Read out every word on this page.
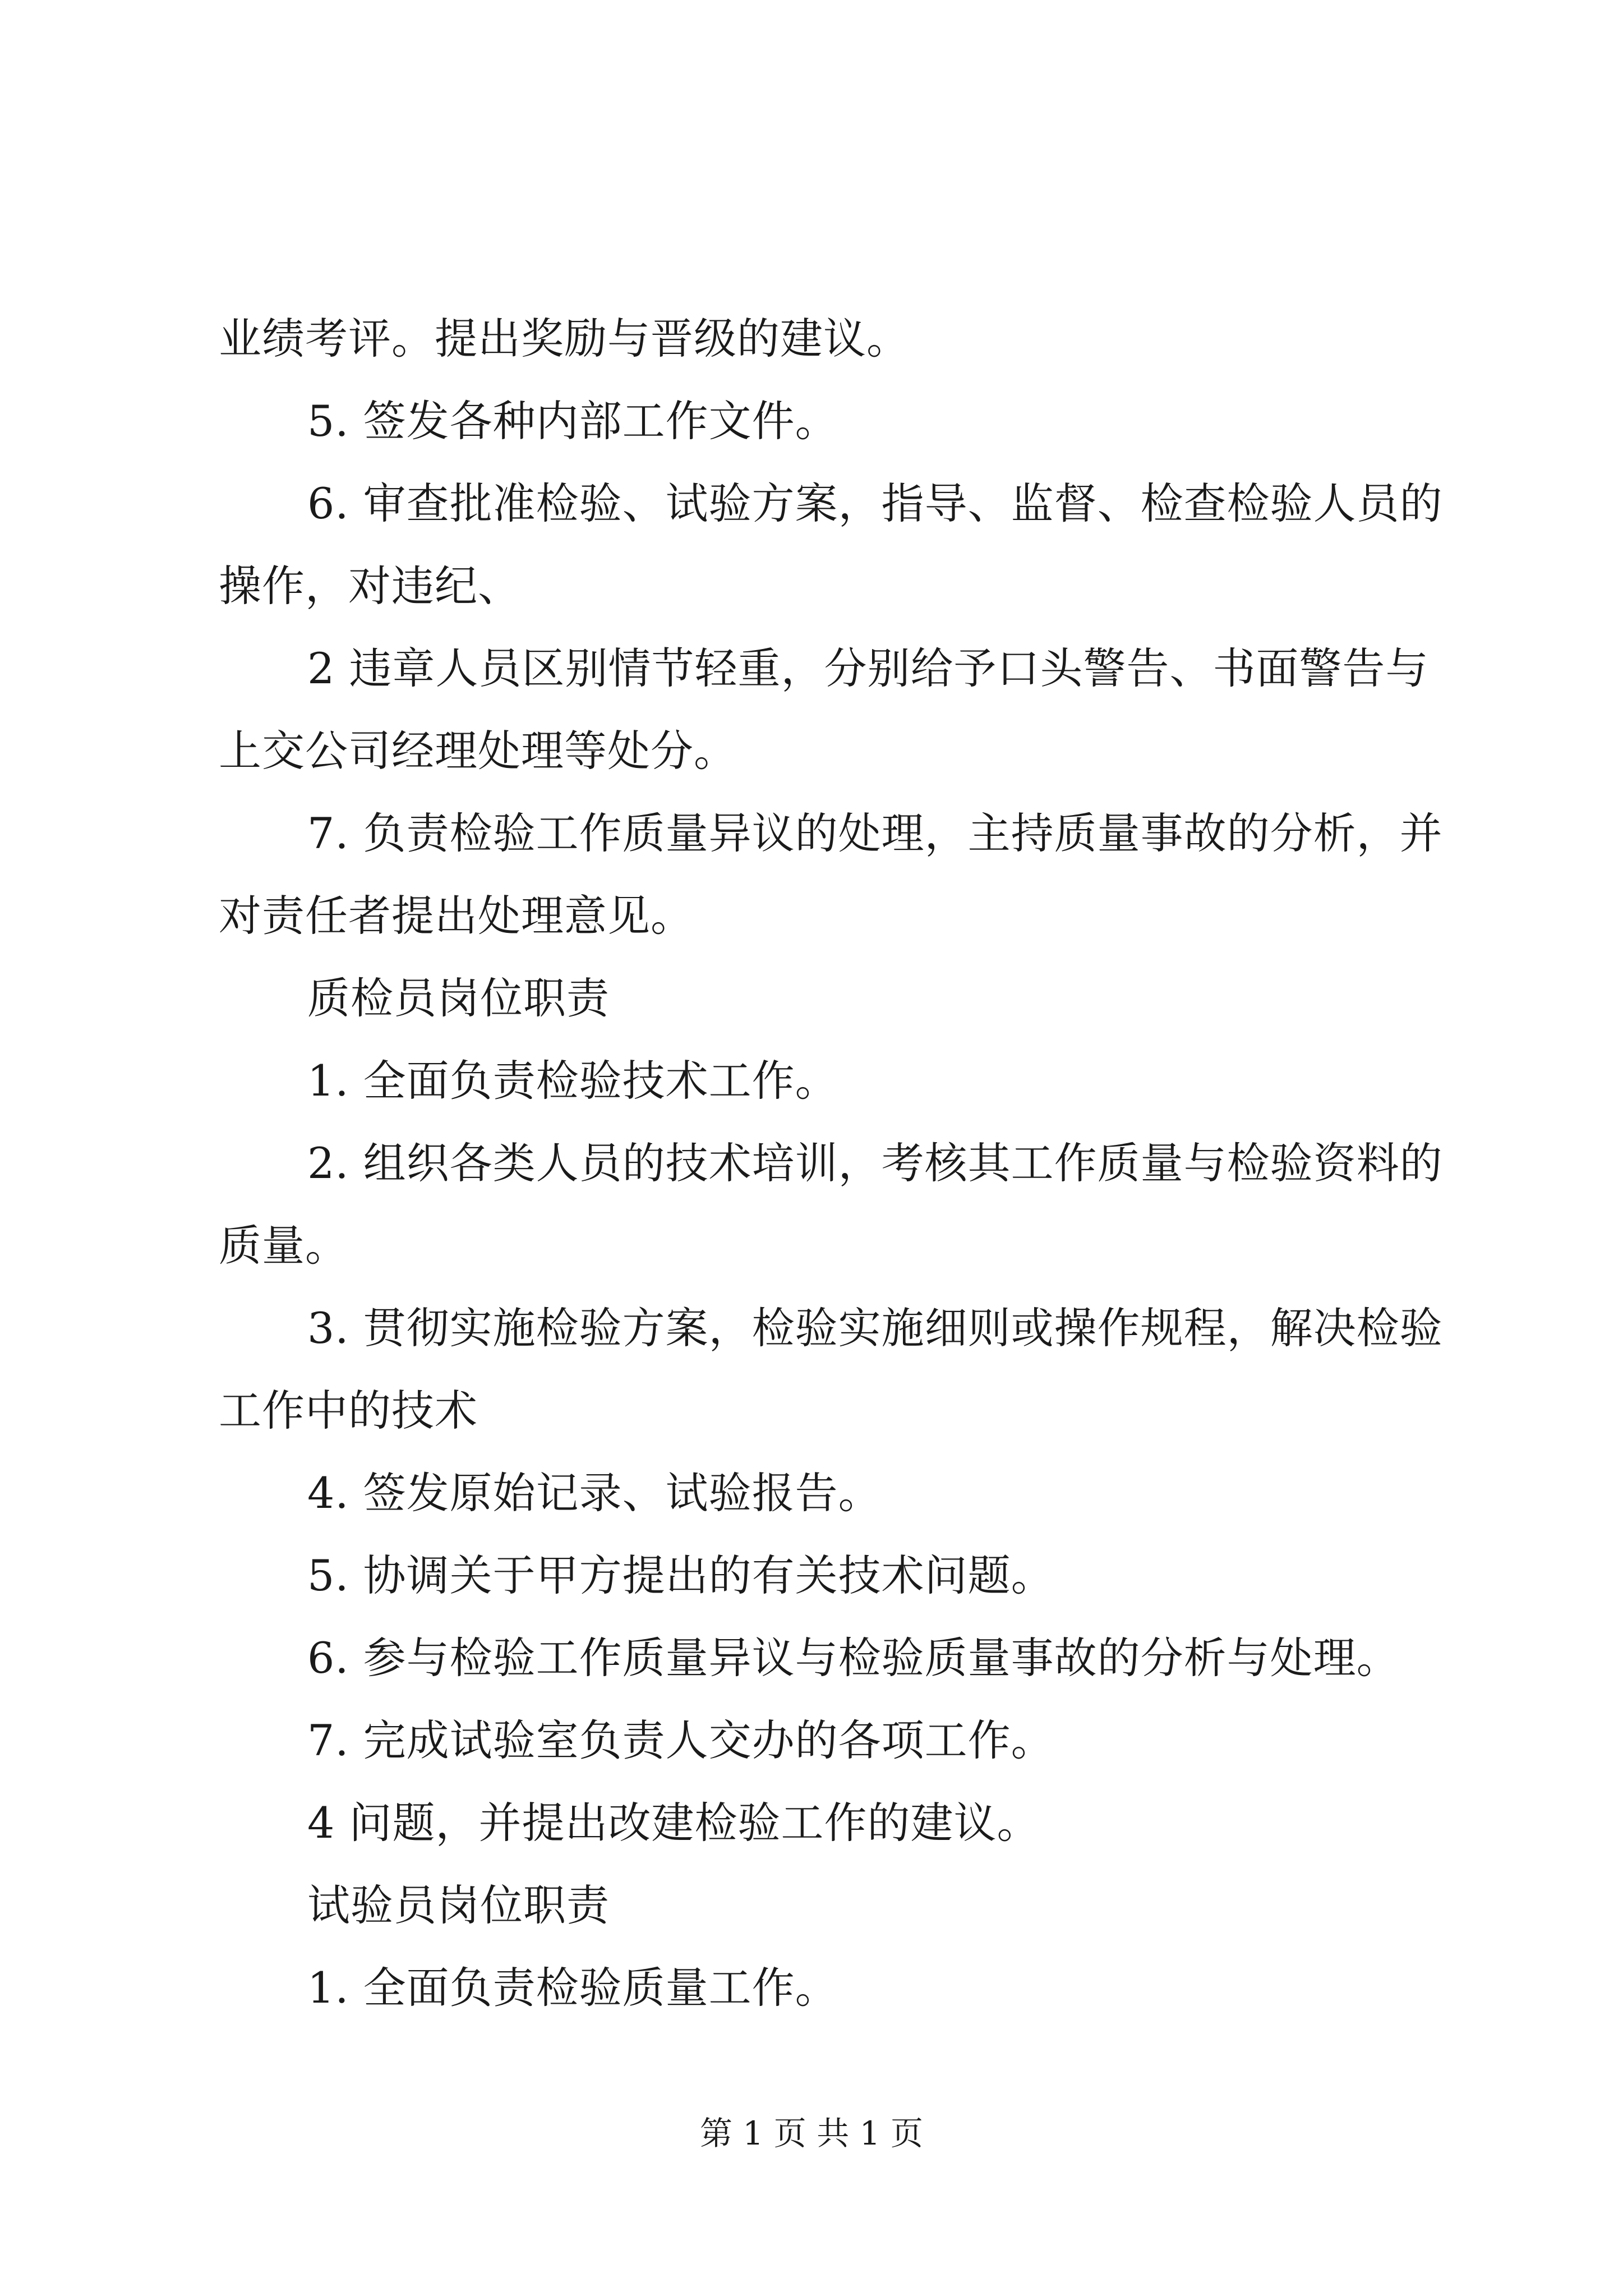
业绩考评。提出奖励与晋级的建议。
5. 签发各种内部工作文件。
6. 审查批准检验、试验方案，指导、监督、检查检验人员的
操作，对违纪、
2 违章人员区别情节轻重，分别给予口头警告、书面警告与
上交公司经理处理等处分。
7. 负责检验工作质量异议的处理，主持质量事故的分析，并
对责任者提出处理意见。
质检员岗位职责
1. 全面负责检验技术工作。
2. 组织各类人员的技术培训，考核其工作质量与检验资料的
质量。
3. 贯彻实施检验方案，检验实施细则或操作规程，解决检验
工作中的技术
4. 签发原始记录、试验报告。
5. 协调关于甲方提出的有关技术问题。
6. 参与检验工作质量异议与检验质量事故的分析与处理。
7. 完成试验室负责人交办的各项工作。
4 问题，并提出改建检验工作的建议。
试验员岗位职责
1. 全面负责检验质量工作。
第 1 页 共 1 页
